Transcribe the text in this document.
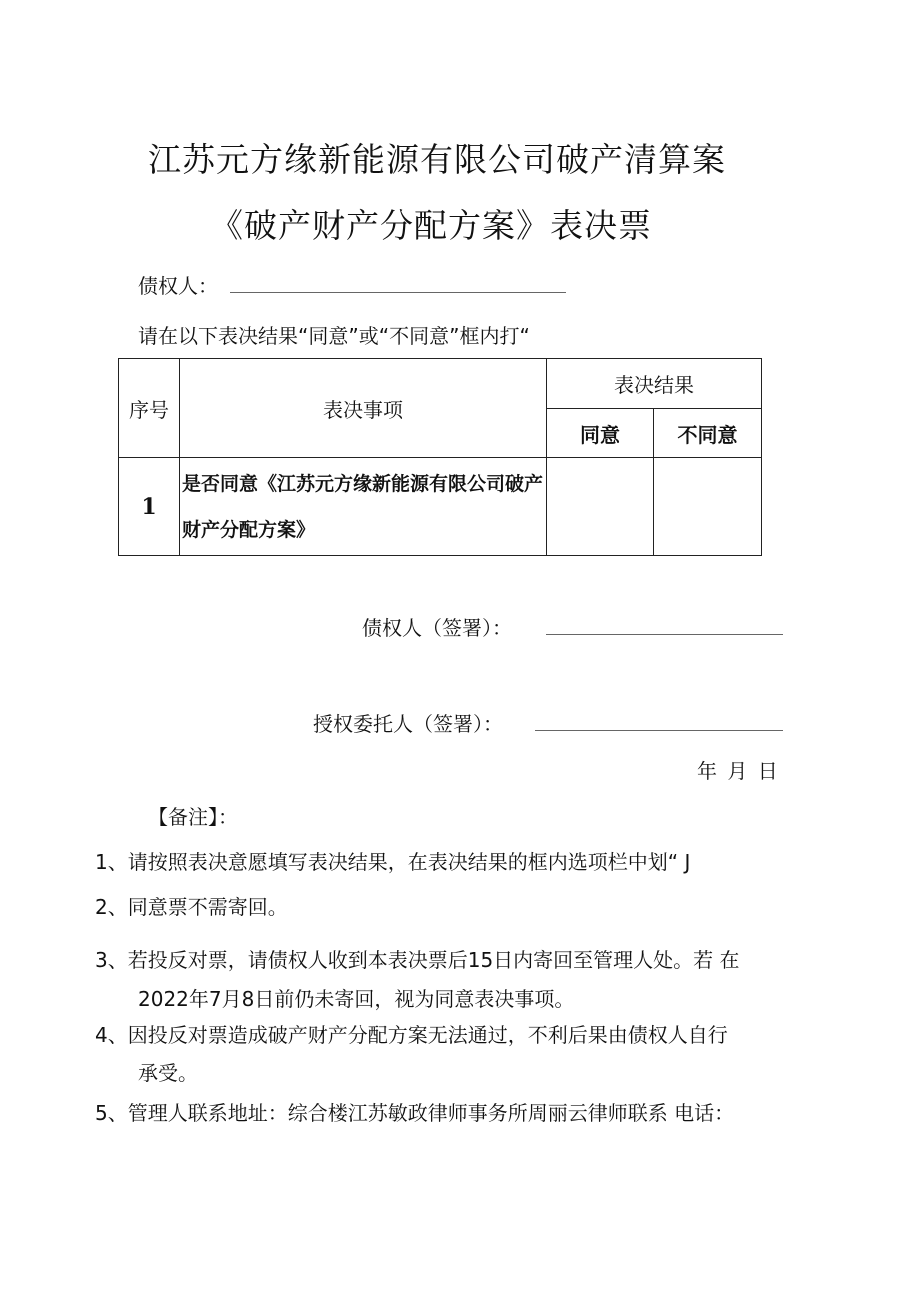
江苏元方缘新能源有限公司破产清算案
《破产财产分配方案》表决票
债权人：
请在以下表决结果“同意”或“不同意”框内打“
序号	表决事项	表决结果	
		同意	不同意
1	是否同意《江苏元方缘新能源有限公司破产财产分配方案》		
债权人（签署）：
授权委托人（签署）：
年 月 日
【备注】：
1、请按照表决意愿填写表决结果，在表决结果的框内选项栏中划“ J
2、同意票不需寄回。
3、若投反对票，请债权人收到本表决票后15日内寄回至管理人处。若 在
2022年7月8日前仍未寄回，视为同意表决事项。
4、因投反对票造成破产财产分配方案无法通过，不利后果由债权人自行
承受。
5、管理人联系地址：综合楼江苏敏政律师事务所周丽云律师联系 电话：
